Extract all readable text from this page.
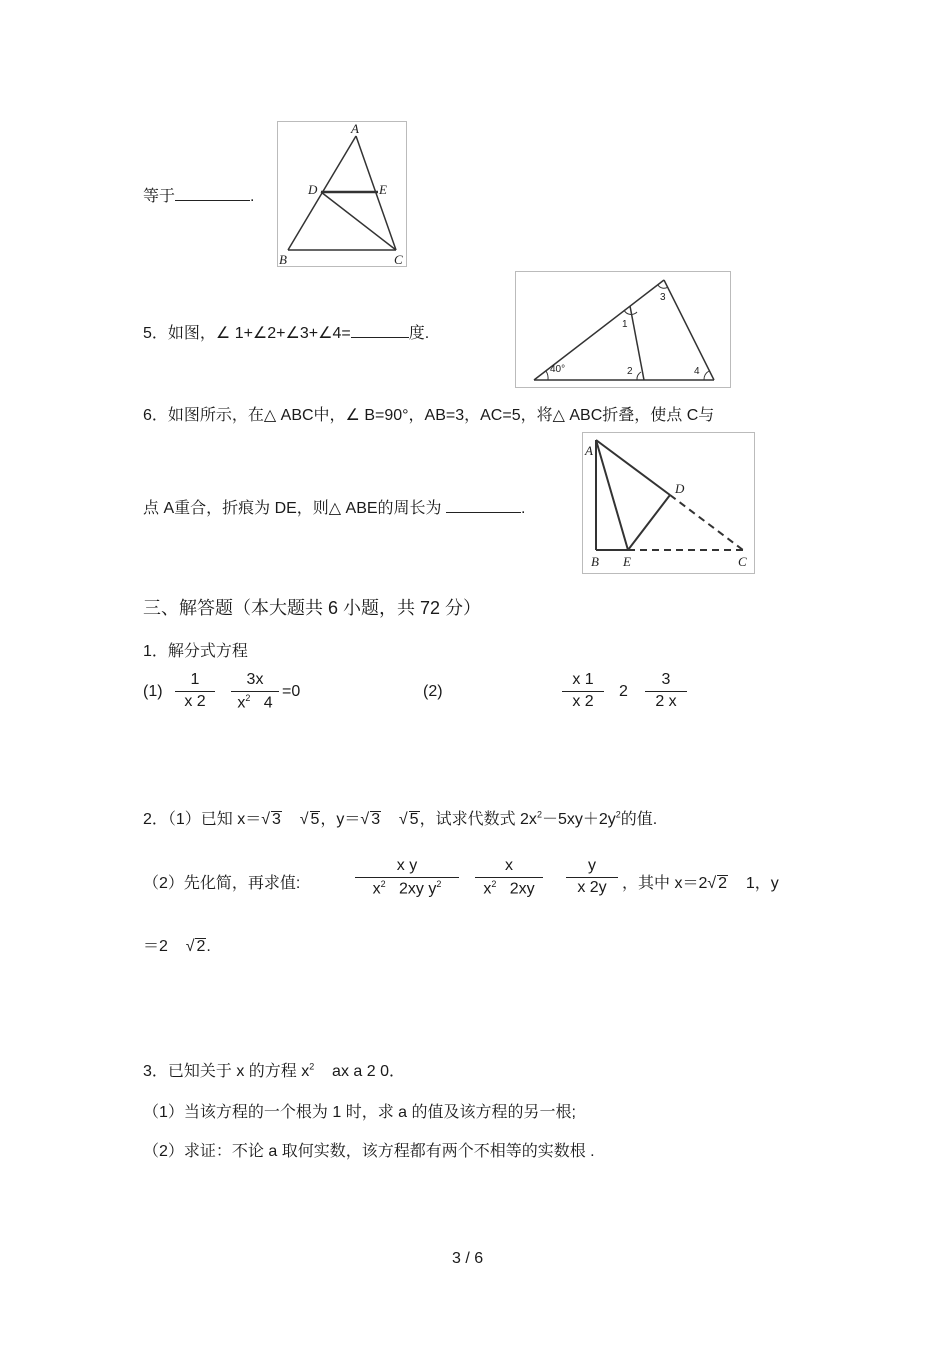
等于	.
A
D	E
B	C
5．如图，∠ 1+∠2+∠3+∠4=	度.
40°
1
2
3
4
6．如图所示，在△ ABC中，∠ B=90°，AB=3，AC=5，将△ ABC折叠，使点 C与
点 A重合，折痕为 DE，则△ ABE的周长为	.
A
D
B E	C
三、解答题（本大题共 6 小题，共 72 分）
1．解分式方程
(1)
1
x 2
3x
$x^2$ 4
=0	(2)
x 1
x 2
2
3
2 x
2．（1）已知 x＝√ 3 √ 5，y＝√ 3 √ 5，试求代数式 $2x^2-5xy+2y^2$的值.
（2）先化简，再求值:
x y
$x^2$ 2xy $y^2$
x
$x^2$ 2xy
y
x 2y ，其中 x＝2√ 2 1，y
＝2 √ 2.
3．已知关于 x 的方程 $x^2$ ax a 2 0．
（1）当该方程的一个根为 1 时，求 a 的值及该方程的另一根;
（2）求证：不论 a 取何实数，该方程都有两个不相等的实数根 .
3 / 6
